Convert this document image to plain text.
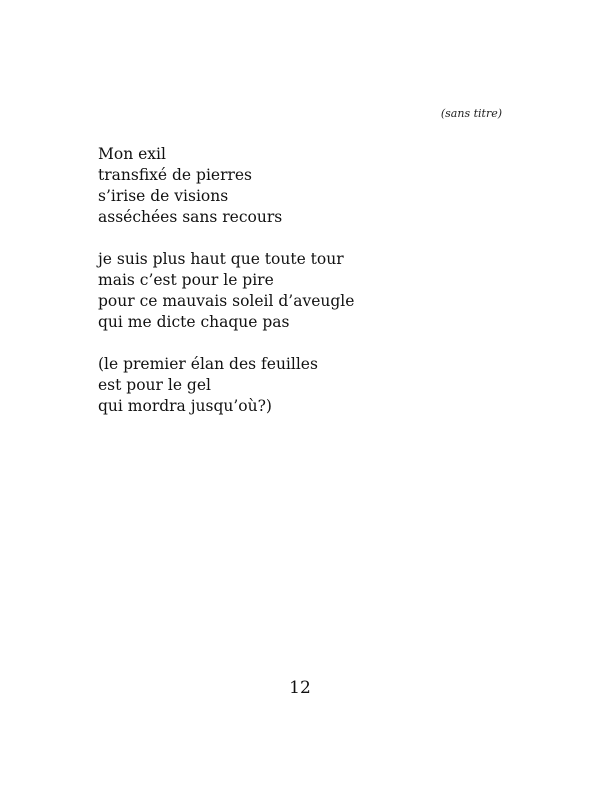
(sans titre)
Mon exil
transfixé de pierres
s’irise de visions
asséchées sans recours
je suis plus haut que toute tour
mais c’est pour le pire
pour ce mauvais soleil d’aveugle
qui me dicte chaque pas
(le premier élan des feuilles
est pour le gel
qui mordra jusqu’où?)
12
